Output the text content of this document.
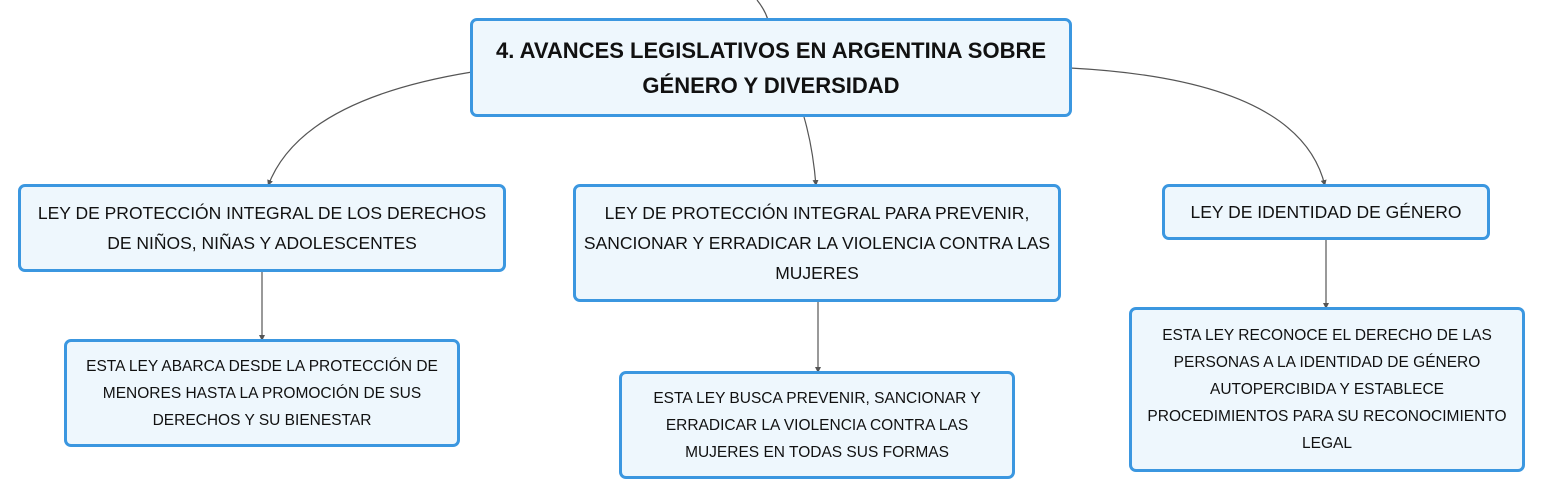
4. AVANCES LEGISLATIVOS EN ARGENTINA SOBRE GÉNERO Y DIVERSIDAD
LEY DE PROTECCIÓN INTEGRAL DE LOS DERECHOS DE NIÑOS, NIÑAS Y ADOLESCENTES
LEY DE PROTECCIÓN INTEGRAL PARA PREVENIR, SANCIONAR Y ERRADICAR LA VIOLENCIA CONTRA LAS MUJERES
LEY DE IDENTIDAD DE GÉNERO
ESTA LEY ABARCA DESDE LA PROTECCIÓN DE MENORES HASTA LA PROMOCIÓN DE SUS DERECHOS Y SU BIENESTAR
ESTA LEY BUSCA PREVENIR, SANCIONAR Y ERRADICAR LA VIOLENCIA CONTRA LAS MUJERES EN TODAS SUS FORMAS
ESTA LEY RECONOCE EL DERECHO DE LAS PERSONAS A LA IDENTIDAD DE GÉNERO AUTOPERCIBIDA Y ESTABLECE PROCEDIMIENTOS PARA SU RECONOCIMIENTO LEGAL
